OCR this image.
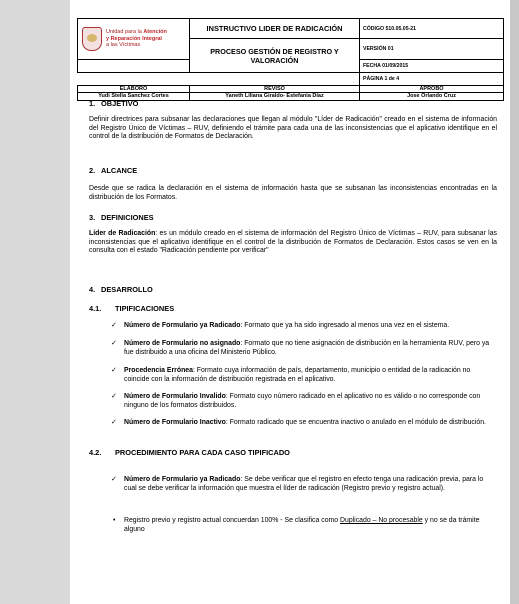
Unidad para la Atención
y Reparación Integral
a las Víctimas	INSTRUCTIVO LIDER DE RADICACIÓN	CÓDIGO 510.05.05-21
	PROCESO GESTIÓN DE REGISTRO Y VALORACIÓN	VERSIÓN 01
		FECHA 01/09/2015
		PÁGINA 1 de 4
ELABORÓ	REVISÓ	APROBÓ
Yudi Stella Sanchez Cortes	Yaneth Liliana Giraldo- Estefania Díaz	Jose Orlando Cruz
1. OBJETIVO
Definir directrices para subsanar las declaraciones que llegan al módulo "Líder de Radicación" creado en el sistema de información del Registro Único de Víctimas – RUV, definiendo el trámite para cada una de las inconsistencias que el aplicativo identifique en el control de la distribución de Formatos de Declaración.
2. ALCANCE
Desde que se radica la declaración en el sistema de información hasta que se subsanan las inconsistencias encontradas en la distribución de los Formatos.
3. DEFINICIONES
Líder de Radicación: es un módulo creado en el sistema de información del Registro Único de Víctimas – RUV, para subsanar las inconsistencias que el aplicativo identifique en el control de la distribución de Formatos de Declaración. Estos casos se ven en la consulta con el estado "Radicación pendiente por verificar"
4. DESARROLLO
4.1. TIPIFICACIONES
✓ Número de Formulario ya Radicado: Formato que ya ha sido ingresado al menos una vez en el sistema.
✓ Número de Formulario no asignado: Formato que no tiene asignación de distribución en la herramienta RUV, pero ya fue distribuido a una oficina del Ministerio Público.
✓ Procedencia Errónea: Formato cuya información de país, departamento, municipio o entidad de la radicación no coincide con la información de distribución registrada en el aplicativo.
✓ Número de Formulario Invalido: Formato cuyo número radicado en el aplicativo no es válido o no corresponde con ninguno de los formatos distribuidos.
✓ Número de Formulario Inactivo: Formato radicado que se encuentra inactivo o anulado en el módulo de distribución.
4.2. PROCEDIMIENTO PARA CADA CASO TIPIFICADO
✓ Número de Formulario ya Radicado: Se debe verificar que el registro en efecto tenga una radicación previa, para lo cual se debe verificar la información que muestra el líder de radicación (Registro previo y registro actual).
• Registro previo y registro actual concuerdan 100% - Se clasifica como Duplicado – No procesable y no se da trámite alguno
